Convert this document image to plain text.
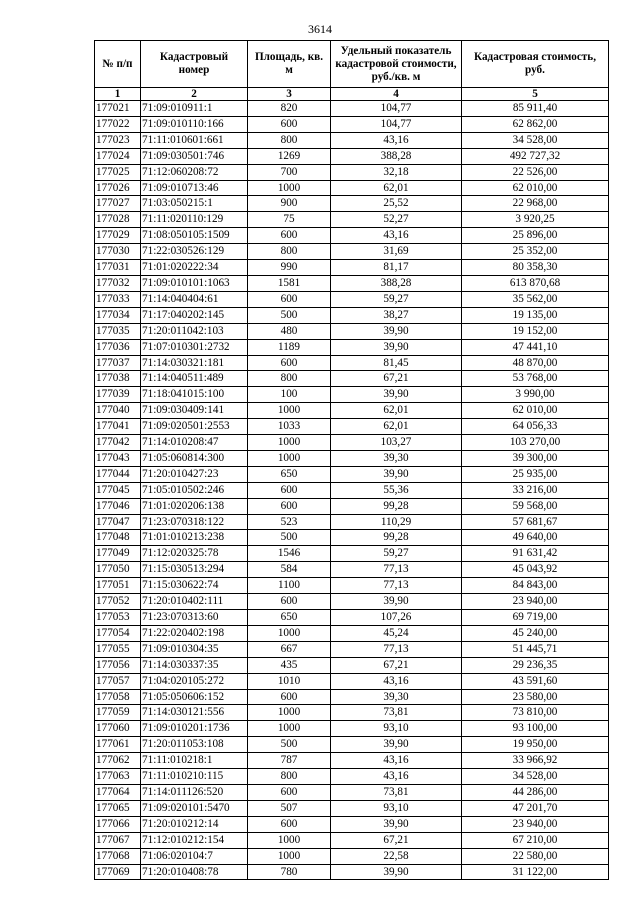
3614
№ п/п	Кадастровый номер	Площадь, кв. м	Удельный показатель кадастровой стоимости, руб./кв. м	Кадастровая стоимость, руб.
1	2	3	4	5
177021	71:09:010911:1	820	104,77	85 911,40
177022	71:09:010110:166	600	104,77	62 862,00
177023	71:11:010601:661	800	43,16	34 528,00
177024	71:09:030501:746	1269	388,28	492 727,32
177025	71:12:060208:72	700	32,18	22 526,00
177026	71:09:010713:46	1000	62,01	62 010,00
177027	71:03:050215:1	900	25,52	22 968,00
177028	71:11:020110:129	75	52,27	3 920,25
177029	71:08:050105:1509	600	43,16	25 896,00
177030	71:22:030526:129	800	31,69	25 352,00
177031	71:01:020222:34	990	81,17	80 358,30
177032	71:09:010101:1063	1581	388,28	613 870,68
177033	71:14:040404:61	600	59,27	35 562,00
177034	71:17:040202:145	500	38,27	19 135,00
177035	71:20:011042:103	480	39,90	19 152,00
177036	71:07:010301:2732	1189	39,90	47 441,10
177037	71:14:030321:181	600	81,45	48 870,00
177038	71:14:040511:489	800	67,21	53 768,00
177039	71:18:041015:100	100	39,90	3 990,00
177040	71:09:030409:141	1000	62,01	62 010,00
177041	71:09:020501:2553	1033	62,01	64 056,33
177042	71:14:010208:47	1000	103,27	103 270,00
177043	71:05:060814:300	1000	39,30	39 300,00
177044	71:20:010427:23	650	39,90	25 935,00
177045	71:05:010502:246	600	55,36	33 216,00
177046	71:01:020206:138	600	99,28	59 568,00
177047	71:23:070318:122	523	110,29	57 681,67
177048	71:01:010213:238	500	99,28	49 640,00
177049	71:12:020325:78	1546	59,27	91 631,42
177050	71:15:030513:294	584	77,13	45 043,92
177051	71:15:030622:74	1100	77,13	84 843,00
177052	71:20:010402:111	600	39,90	23 940,00
177053	71:23:070313:60	650	107,26	69 719,00
177054	71:22:020402:198	1000	45,24	45 240,00
177055	71:09:010304:35	667	77,13	51 445,71
177056	71:14:030337:35	435	67,21	29 236,35
177057	71:04:020105:272	1010	43,16	43 591,60
177058	71:05:050606:152	600	39,30	23 580,00
177059	71:14:030121:556	1000	73,81	73 810,00
177060	71:09:010201:1736	1000	93,10	93 100,00
177061	71:20:011053:108	500	39,90	19 950,00
177062	71:11:010218:1	787	43,16	33 966,92
177063	71:11:010210:115	800	43,16	34 528,00
177064	71:14:011126:520	600	73,81	44 286,00
177065	71:09:020101:5470	507	93,10	47 201,70
177066	71:20:010212:14	600	39,90	23 940,00
177067	71:12:010212:154	1000	67,21	67 210,00
177068	71:06:020104:7	1000	22,58	22 580,00
177069	71:20:010408:78	780	39,90	31 122,00
